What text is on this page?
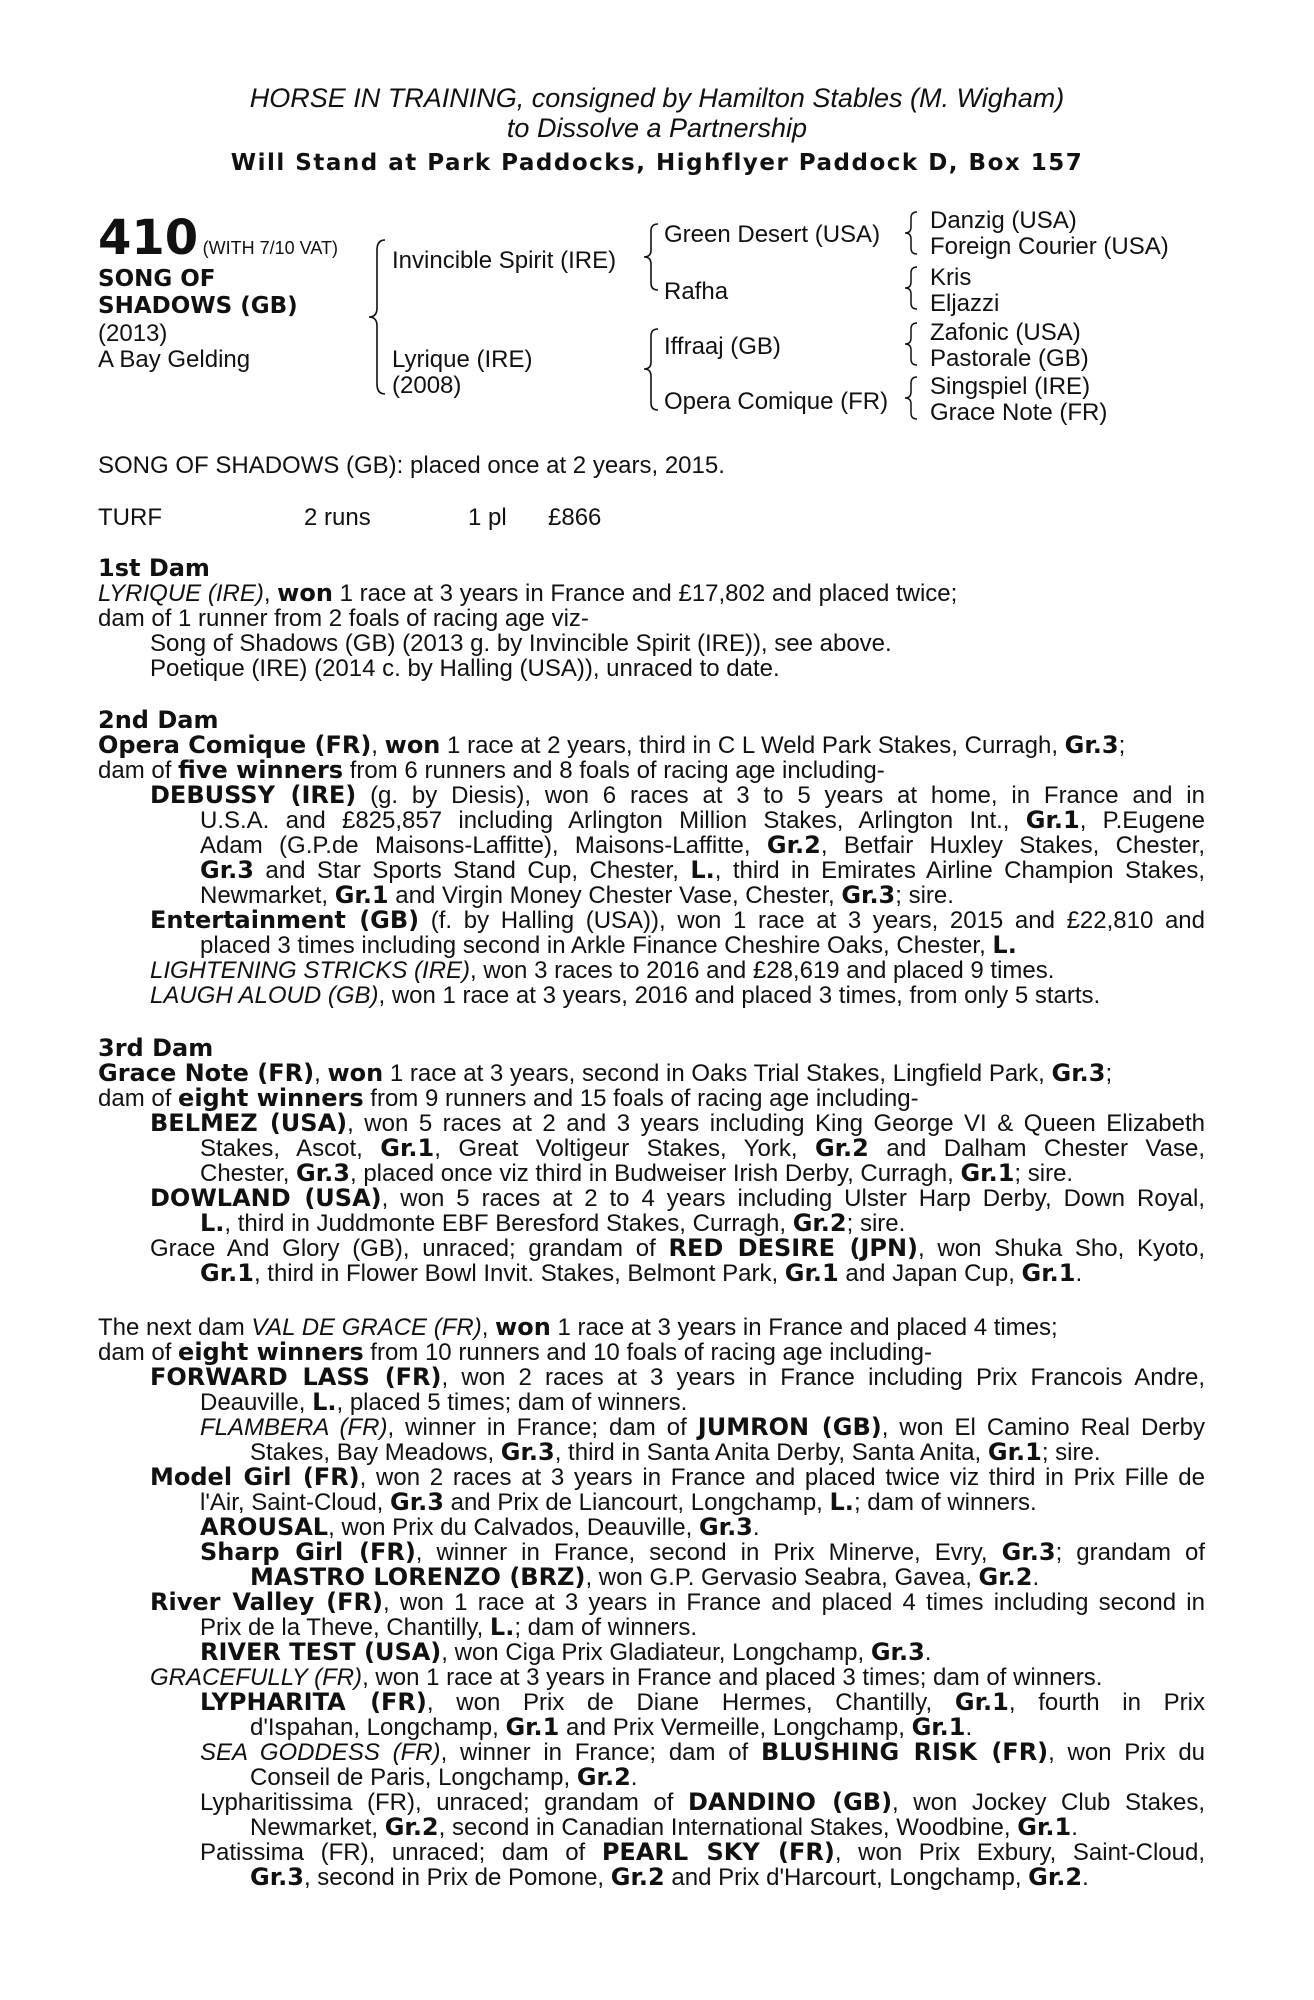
HORSE IN TRAINING, consigned by Hamilton Stables (M. Wigham)
to Dissolve a Partnership
Will Stand at Park Paddocks, Highflyer Paddock D, Box 157
410 (WITH 7/10 VAT)
SONG OF
SHADOWS (GB)
(2013)
A Bay Gelding
Invincible Spirit (IRE)
Lyrique (IRE)
(2008)
Green Desert (USA)
Rafha
Iffraaj (GB)
Opera Comique (FR)
Danzig (USA)
Foreign Courier (USA)
Kris
Eljazzi
Zafonic (USA)
Pastorale (GB)
Singspiel (IRE)
Grace Note (FR)
SONG OF SHADOWS (GB): placed once at 2 years, 2015.
TURF	2 runs	1 pl £866
1st Dam
LYRIQUE (IRE), won 1 race at 3 years in France and £17,802 and placed twice;
dam of 1 runner from 2 foals of racing age viz-
Song of Shadows (GB) (2013 g. by Invincible Spirit (IRE)), see above.
Poetique (IRE) (2014 c. by Halling (USA)), unraced to date.
2nd Dam
Opera Comique (FR), won 1 race at 2 years, third in C L Weld Park Stakes, Curragh, Gr.3;
dam of five winners from 6 runners and 8 foals of racing age including-
DEBUSSY (IRE) (g. by Diesis), won 6 races at 3 to 5 years at home, in France and in
U.S.A. and £825,857 including Arlington Million Stakes, Arlington Int., Gr.1, P.Eugene
Adam (G.P.de Maisons-Laffitte), Maisons-Laffitte, Gr.2, Betfair Huxley Stakes, Chester,
Gr.3 and Star Sports Stand Cup, Chester, L., third in Emirates Airline Champion Stakes,
Newmarket, Gr.1 and Virgin Money Chester Vase, Chester, Gr.3; sire.
Entertainment (GB) (f. by Halling (USA)), won 1 race at 3 years, 2015 and £22,810 and
placed 3 times including second in Arkle Finance Cheshire Oaks, Chester, L.
LIGHTENING STRICKS (IRE), won 3 races to 2016 and £28,619 and placed 9 times.
LAUGH ALOUD (GB), won 1 race at 3 years, 2016 and placed 3 times, from only 5 starts.
3rd Dam
Grace Note (FR), won 1 race at 3 years, second in Oaks Trial Stakes, Lingfield Park, Gr.3;
dam of eight winners from 9 runners and 15 foals of racing age including-
BELMEZ (USA), won 5 races at 2 and 3 years including King George VI & Queen Elizabeth
Stakes, Ascot, Gr.1, Great Voltigeur Stakes, York, Gr.2 and Dalham Chester Vase,
Chester, Gr.3, placed once viz third in Budweiser Irish Derby, Curragh, Gr.1; sire.
DOWLAND (USA), won 5 races at 2 to 4 years including Ulster Harp Derby, Down Royal,
L., third in Juddmonte EBF Beresford Stakes, Curragh, Gr.2; sire.
Grace And Glory (GB), unraced; grandam of RED DESIRE (JPN), won Shuka Sho, Kyoto,
Gr.1, third in Flower Bowl Invit. Stakes, Belmont Park, Gr.1 and Japan Cup, Gr.1.
The next dam VAL DE GRACE (FR), won 1 race at 3 years in France and placed 4 times;
dam of eight winners from 10 runners and 10 foals of racing age including-
FORWARD LASS (FR), won 2 races at 3 years in France including Prix Francois Andre,
Deauville, L., placed 5 times; dam of winners.
FLAMBERA (FR), winner in France; dam of JUMRON (GB), won El Camino Real Derby
Stakes, Bay Meadows, Gr.3, third in Santa Anita Derby, Santa Anita, Gr.1; sire.
Model Girl (FR), won 2 races at 3 years in France and placed twice viz third in Prix Fille de
l'Air, Saint-Cloud, Gr.3 and Prix de Liancourt, Longchamp, L.; dam of winners.
AROUSAL, won Prix du Calvados, Deauville, Gr.3.
Sharp Girl (FR), winner in France, second in Prix Minerve, Evry, Gr.3; grandam of
MASTRO LORENZO (BRZ), won G.P. Gervasio Seabra, Gavea, Gr.2.
River Valley (FR), won 1 race at 3 years in France and placed 4 times including second in
Prix de la Theve, Chantilly, L.; dam of winners.
RIVER TEST (USA), won Ciga Prix Gladiateur, Longchamp, Gr.3.
GRACEFULLY (FR), won 1 race at 3 years in France and placed 3 times; dam of winners.
LYPHARITA (FR), won Prix de Diane Hermes, Chantilly, Gr.1, fourth in Prix
d'Ispahan, Longchamp, Gr.1 and Prix Vermeille, Longchamp, Gr.1.
SEA GODDESS (FR), winner in France; dam of BLUSHING RISK (FR), won Prix du
Conseil de Paris, Longchamp, Gr.2.
Lypharitissima (FR), unraced; grandam of DANDINO (GB), won Jockey Club Stakes,
Newmarket, Gr.2, second in Canadian International Stakes, Woodbine, Gr.1.
Patissima (FR), unraced; dam of PEARL SKY (FR), won Prix Exbury, Saint-Cloud,
Gr.3, second in Prix de Pomone, Gr.2 and Prix d'Harcourt, Longchamp, Gr.2.
